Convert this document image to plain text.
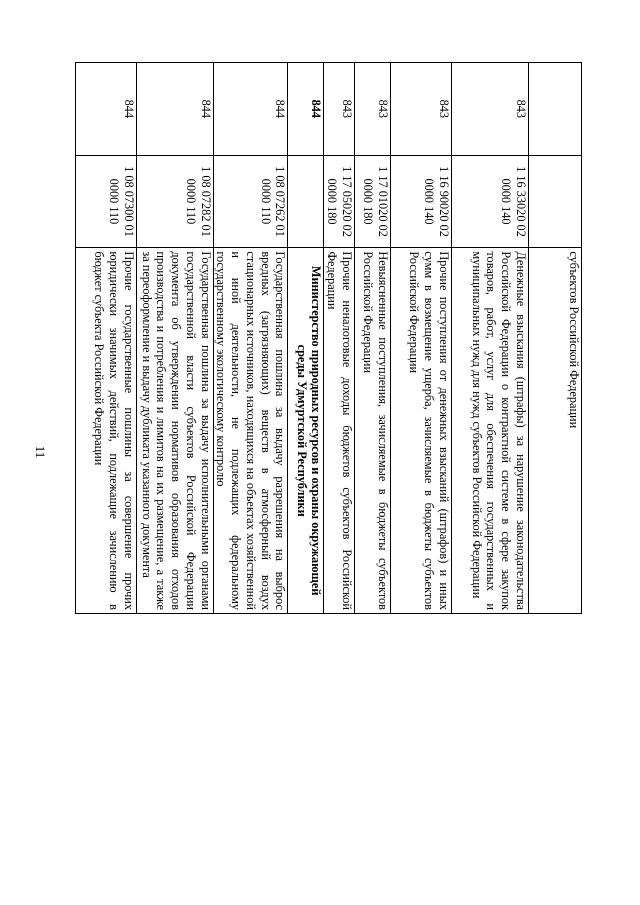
11
		субъектов Российской Федерации
843	1 16 33020 02 0000 140	Денежные взыскания (штрафы) за нарушение законодательства Российской Федерации о контрактной системе в сфере закупок товаров, работ, услуг для обеспечения государственных и муниципальных нужд для нужд субъектов Российской Федерации
843	1 16 90020 02 0000 140	Прочие поступления от денежных взысканий (штрафов) и иных сумм в возмещение ущерба, зачисляемые в бюджеты субъектов Российской Федерации
843	1 17 01020 02 0000 180	Невыясненные поступления, зачисляемые в бюджеты субъектов Российской Федерации
843	1 17 05020 02 0000 180	Прочие неналоговые доходы бюджетов субъектов Российской Федерации
844		Министерство природных ресурсов и охраны окружающей среды Удмуртской Республики
844	1 08 07262 01 0000 110	Государственная пошлина за выдачу разрешения на выброс вредных (загрязняющих) веществ в атмосферный воздух стационарных источников, находящихся на объектах хозяйственной и иной деятельности, не подлежащих федеральному государственному экологическому контролю
844	1 08 07282 01 0000 110	Государственная пошлина за выдачу исполнительными органами государственной власти субъектов Российской Федерации документа об утверждении нормативов образования отходов производства и потребления и лимитов на их размещение, а также за переоформление и выдачу дубликата указанного документа
844	1 08 07300 01 0000 110	Прочие государственные пошлины за совершение прочих юридически значимых действий, подлежащие зачислению в бюджет субъекта Российской Федерации
